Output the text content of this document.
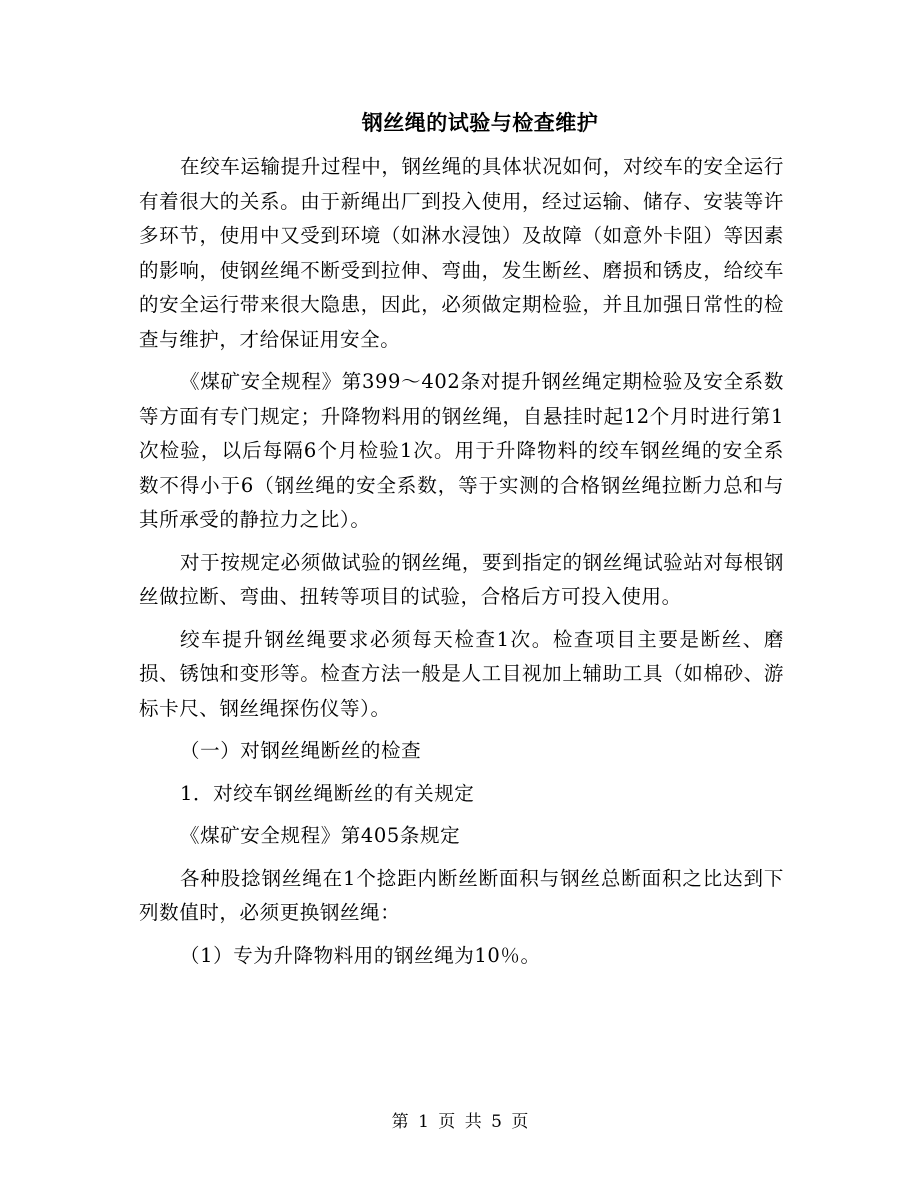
钢丝绳的试验与检查维护

在绞车运输提升过程中，钢丝绳的具体状况如何，对绞车的安全运行有着很大的关系。由于新绳出厂到投入使用，经过运输、储存、安装等许多环节，使用中又受到环境（如淋水浸蚀）及故障（如意外卡阻）等因素的影响，使钢丝绳不断受到拉伸、弯曲，发生断丝、磨损和锈皮，给绞车的安全运行带来很大隐患，因此，必须做定期检验，并且加强日常性的检查与维护，才给保证用安全。

《煤矿安全规程》第399～402条对提升钢丝绳定期检验及安全系数等方面有专门规定；升降物料用的钢丝绳，自悬挂时起12个月时进行第1次检验，以后每隔6个月检验1次。用于升降物料的绞车钢丝绳的安全系数不得小于6（钢丝绳的安全系数，等于实测的合格钢丝绳拉断力总和与其所承受的静拉力之比）。

对于按规定必须做试验的钢丝绳，要到指定的钢丝绳试验站对每根钢丝做拉断、弯曲、扭转等项目的试验，合格后方可投入使用。

绞车提升钢丝绳要求必须每天检查1次。检查项目主要是断丝、磨损、锈蚀和变形等。检查方法一般是人工目视加上辅助工具（如棉砂、游标卡尺、钢丝绳探伤仪等）。

（一）对钢丝绳断丝的检查

1．对绞车钢丝绳断丝的有关规定

《煤矿安全规程》第405条规定

各种股捻钢丝绳在1个捻距内断丝断面积与钢丝总断面积之比达到下列数值时，必须更换钢丝绳：

（1）专为升降物料用的钢丝绳为10％。

第 1 页 共 5 页
